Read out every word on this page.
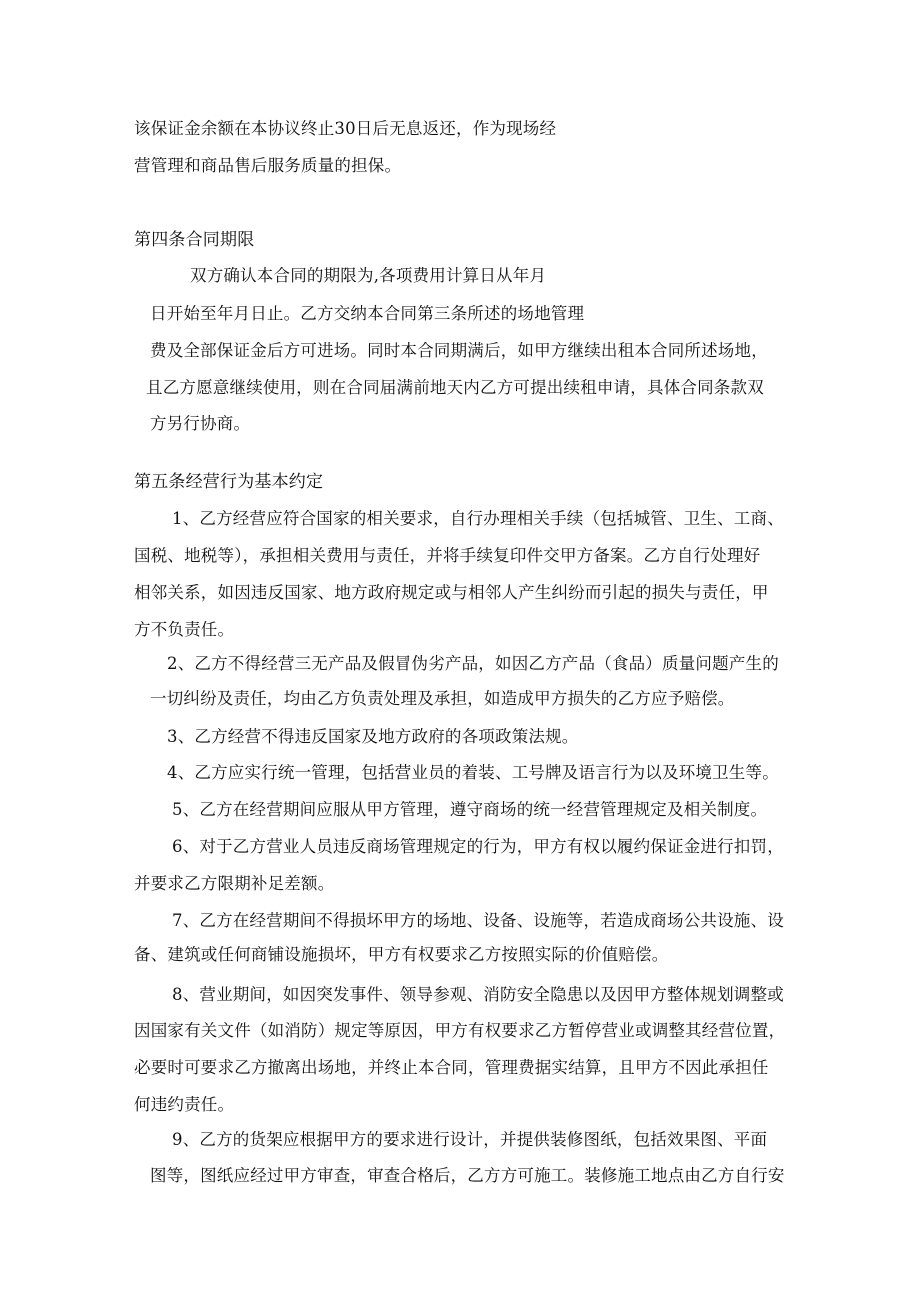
该保证金余额在本协议终止30日后无息返还，作为现场经
营管理和商品售后服务质量的担保。
第四条合同期限
双方确认本合同的期限为,各项费用计算日从年月
日开始至年月日止。乙方交纳本合同第三条所述的场地管理
费及全部保证金后方可进场。同时本合同期满后，如甲方继续出租本合同所述场地，
且乙方愿意继续使用，则在合同届满前地天内乙方可提出续租申请，具体合同条款双
方另行协商。
第五条经营行为基本约定
1、乙方经营应符合国家的相关要求，自行办理相关手续（包括城管、卫生、工商、
国税、地税等），承担相关费用与责任，并将手续复印件交甲方备案。乙方自行处理好
相邻关系，如因违反国家、地方政府规定或与相邻人产生纠纷而引起的损失与责任，甲
方不负责任。
2、乙方不得经营三无产品及假冒伪劣产品，如因乙方产品（食品）质量问题产生的
一切纠纷及责任，均由乙方负责处理及承担，如造成甲方损失的乙方应予赔偿。
3、乙方经营不得违反国家及地方政府的各项政策法规。
4、乙方应实行统一管理，包括营业员的着装、工号牌及语言行为以及环境卫生等。
5、乙方在经营期间应服从甲方管理，遵守商场的统一经营管理规定及相关制度。
6、对于乙方营业人员违反商场管理规定的行为，甲方有权以履约保证金进行扣罚，
并要求乙方限期补足差额。
7、乙方在经营期间不得损坏甲方的场地、设备、设施等，若造成商场公共设施、设
备、建筑或任何商铺设施损坏，甲方有权要求乙方按照实际的价值赔偿。
8、营业期间，如因突发事件、领导参观、消防安全隐患以及因甲方整体规划调整或
因国家有关文件（如消防）规定等原因，甲方有权要求乙方暂停营业或调整其经营位置，
必要时可要求乙方撤离出场地，并终止本合同，管理费据实结算，且甲方不因此承担任
何违约责任。
9、乙方的货架应根据甲方的要求进行设计，并提供装修图纸，包括效果图、平面
图等，图纸应经过甲方审查，审查合格后，乙方方可施工。装修施工地点由乙方自行安
